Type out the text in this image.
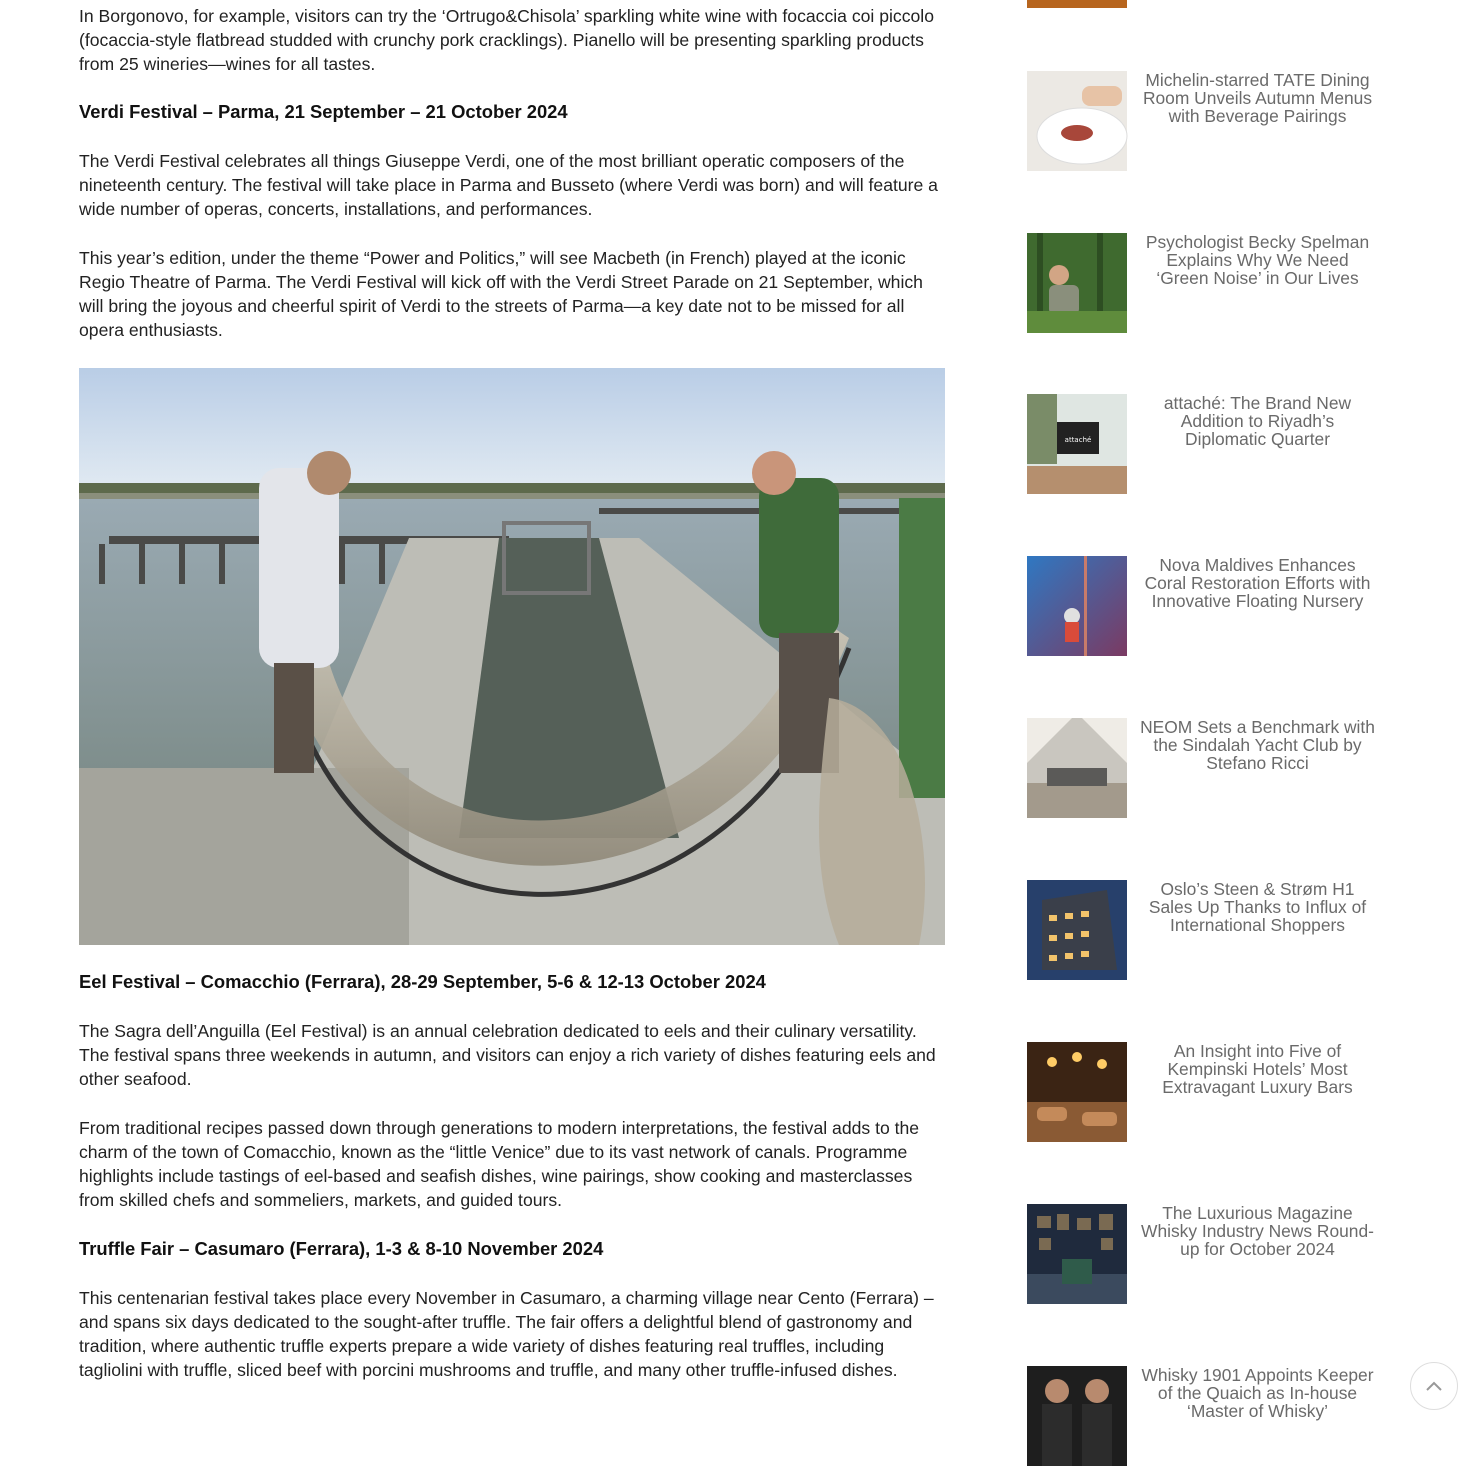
In Borgonovo, for example, visitors can try the ‘Ortrugo&Chisola’ sparkling white wine with focaccia coi piccolo (focaccia-style flatbread studded with crunchy pork cracklings). Pianello will be presenting sparkling products from 25 wineries—wines for all tastes.

Verdi Festival – Parma, 21 September – 21 October 2024

The Verdi Festival celebrates all things Giuseppe Verdi, one of the most brilliant operatic composers of the nineteenth century. The festival will take place in Parma and Busseto (where Verdi was born) and will feature a wide number of operas, concerts, installations, and performances.

This year’s edition, under the theme “Power and Politics,” will see Macbeth (in French) played at the iconic Regio Theatre of Parma. The Verdi Festival will kick off with the Verdi Street Parade on 21 September, which will bring the joyous and cheerful spirit of Verdi to the streets of Parma—a key date not to be missed for all opera enthusiasts.

Eel Festival – Comacchio (Ferrara), 28-29 September, 5-6 & 12-13 October 2024

The Sagra dell’Anguilla (Eel Festival) is an annual celebration dedicated to eels and their culinary versatility. The festival spans three weekends in autumn, and visitors can enjoy a rich variety of dishes featuring eels and other seafood.

From traditional recipes passed down through generations to modern interpretations, the festival adds to the charm of the town of Comacchio, known as the “little Venice” due to its vast network of canals. Programme highlights include tastings of eel-based and seafish dishes, wine pairings, show cooking and masterclasses from skilled chefs and sommeliers, markets, and guided tours.

Truffle Fair – Casumaro (Ferrara), 1-3 & 8-10 November 2024

This centenarian festival takes place every November in Casumaro, a charming village near Cento (Ferrara) – and spans six days dedicated to the sought-after truffle. The fair offers a delightful blend of gastronomy and tradition, where authentic truffle experts prepare a wide variety of dishes featuring real truffles, including tagliolini with truffle, sliced beef with porcini mushrooms and truffle, and many other truffle-infused dishes.

Michelin-starred TATE Dining Room Unveils Autumn Menus with Beverage Pairings
Psychologist Becky Spelman Explains Why We Need ‘Green Noise’ in Our Lives
attaché
attaché: The Brand New Addition to Riyadh’s Diplomatic Quarter
Nova Maldives Enhances Coral Restoration Efforts with Innovative Floating Nursery
NEOM Sets a Benchmark with the Sindalah Yacht Club by Stefano Ricci
Oslo’s Steen & Strøm H1 Sales Up Thanks to Influx of International Shoppers
An Insight into Five of Kempinski Hotels’ Most Extravagant Luxury Bars
The Luxurious Magazine Whisky Industry News Round-up for October 2024
Whisky 1901 Appoints Keeper of the Quaich as In-house ‘Master of Whisky’
